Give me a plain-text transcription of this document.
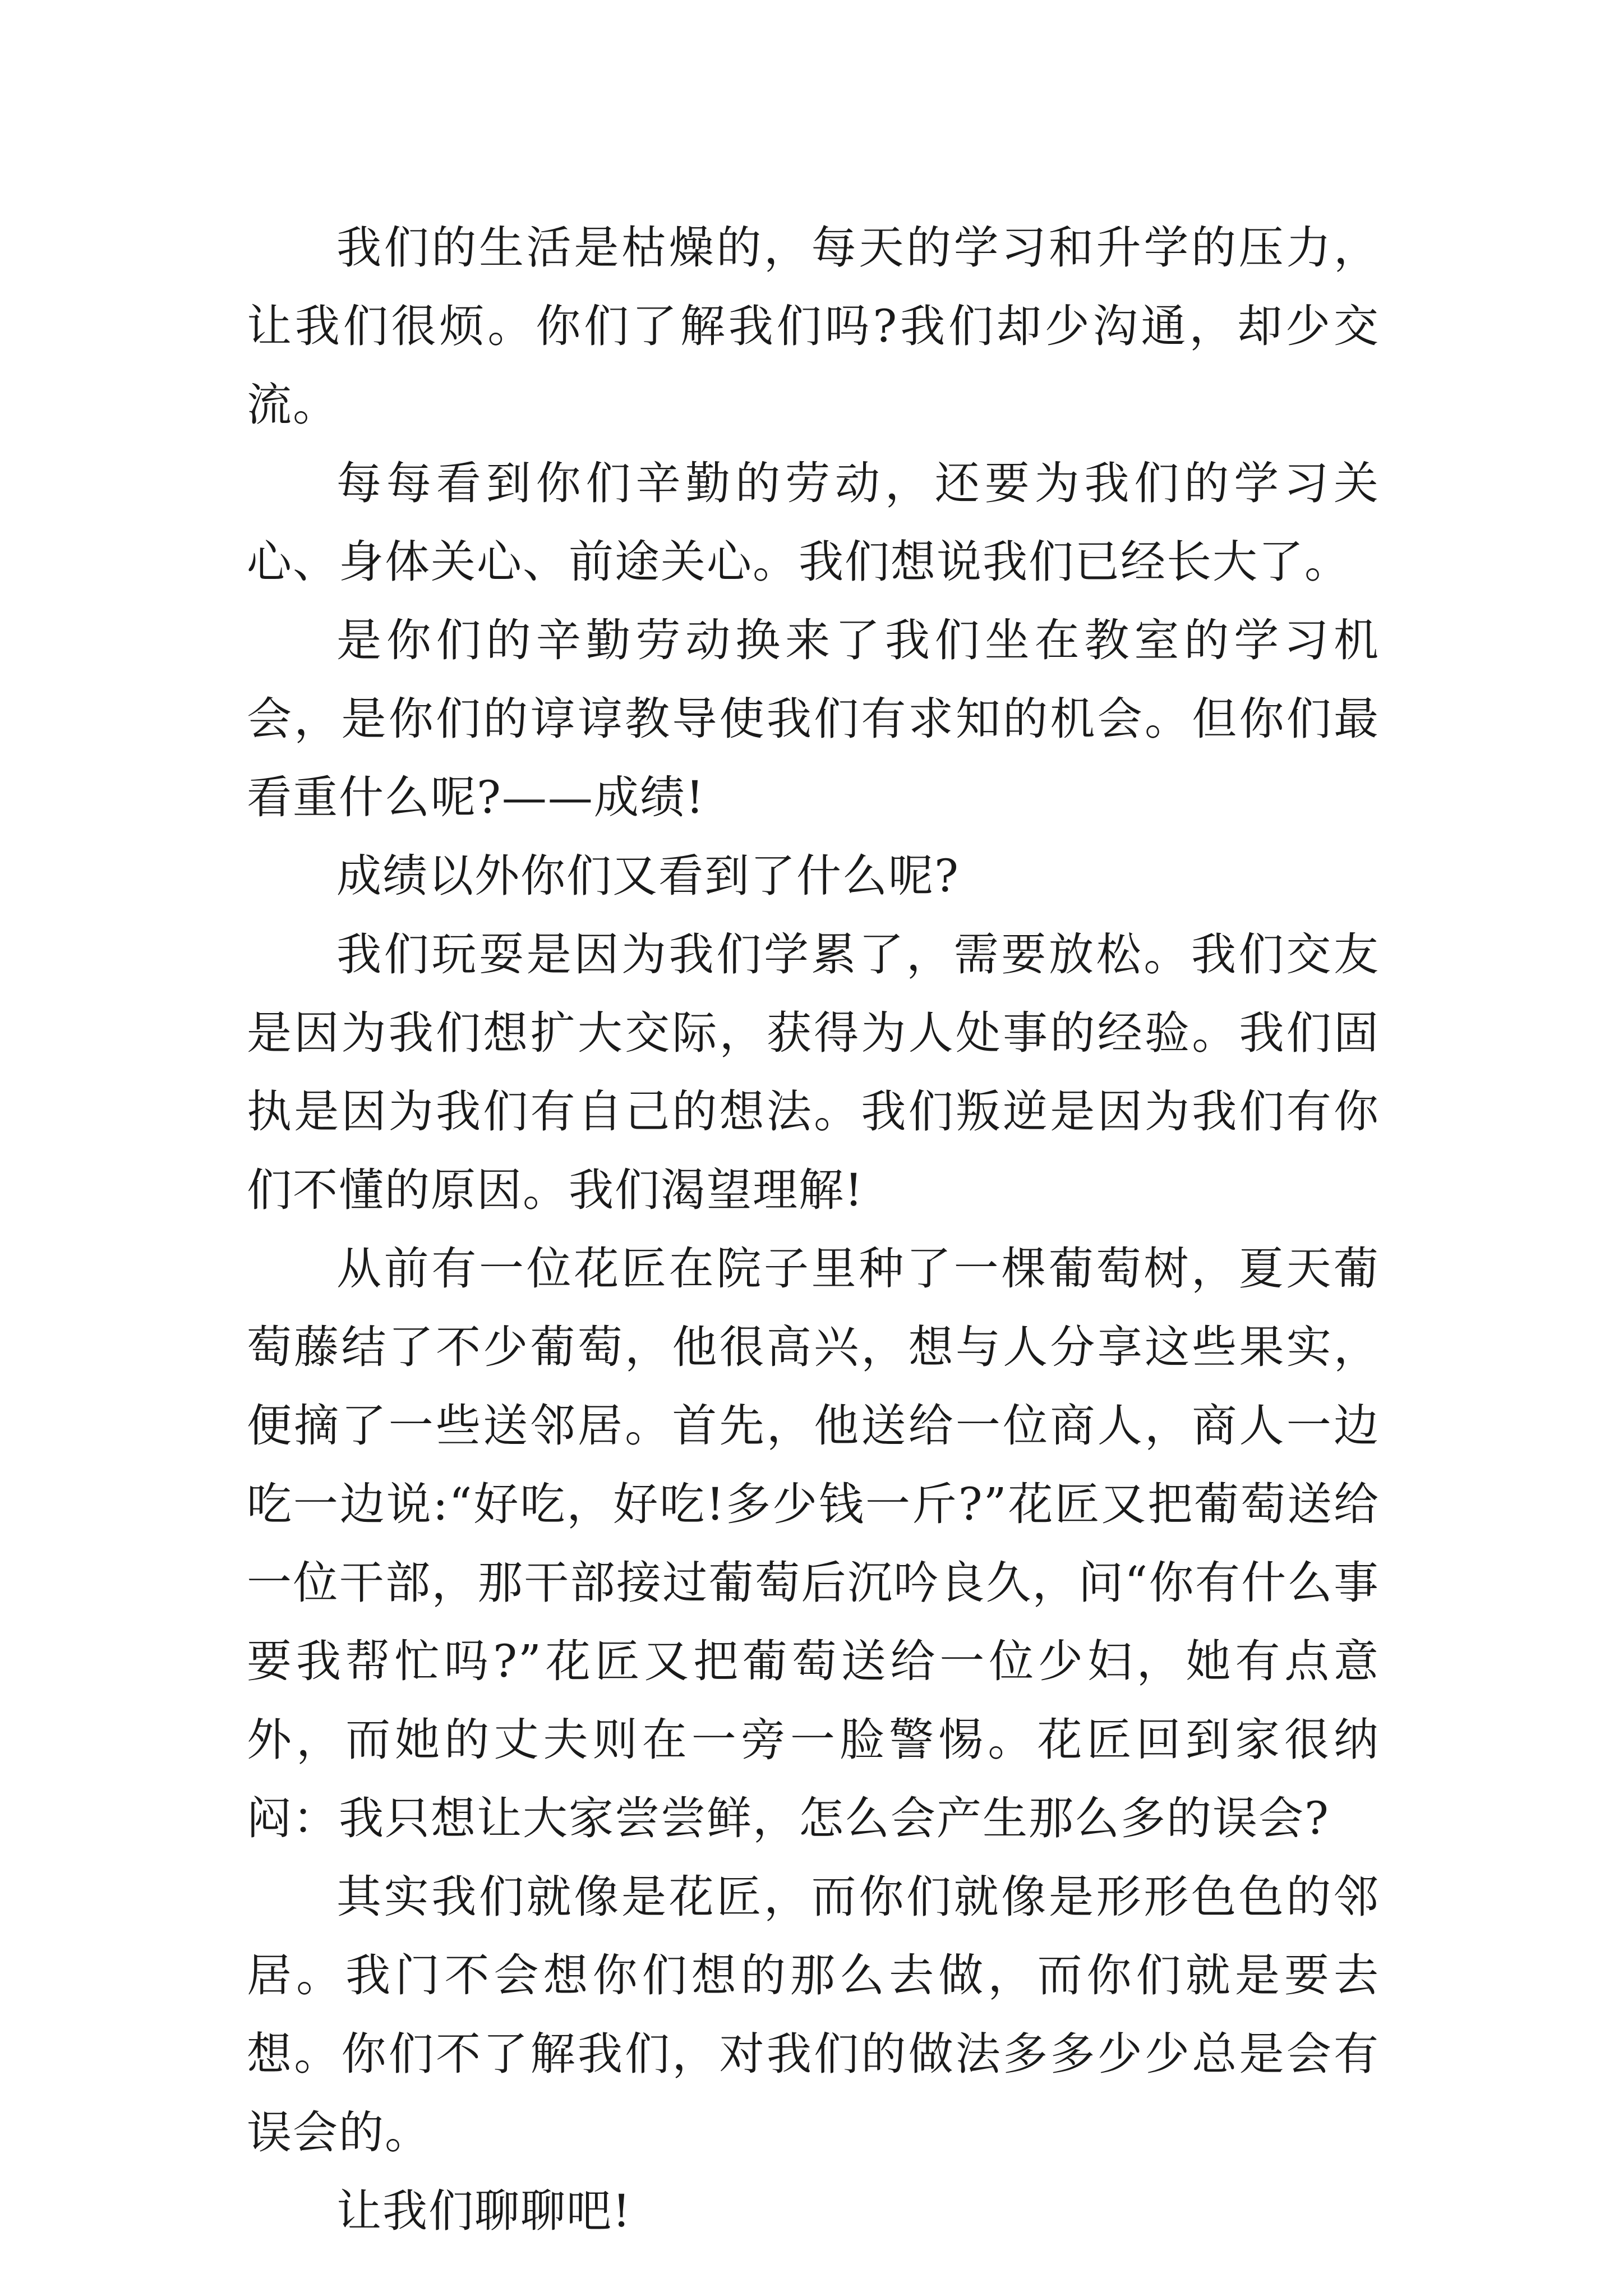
我们的生活是枯燥的，每天的学习和升学的压力，让我们很烦。你们了解我们吗?我们却少沟通，却少交流。

每每看到你们辛勤的劳动，还要为我们的学习关心、身体关心、前途关心。我们想说我们已经长大了。

是你们的辛勤劳动换来了我们坐在教室的学习机会，是你们的谆谆教导使我们有求知的机会。但你们最看重什么呢?——成绩!

成绩以外你们又看到了什么呢?

我们玩耍是因为我们学累了，需要放松。我们交友是因为我们想扩大交际，获得为人处事的经验。我们固执是因为我们有自己的想法。我们叛逆是因为我们有你们不懂的原因。我们渴望理解!

从前有一位花匠在院子里种了一棵葡萄树，夏天葡萄藤结了不少葡萄，他很高兴，想与人分享这些果实，便摘了一些送邻居。首先，他送给一位商人，商人一边吃一边说:“好吃，好吃!多少钱一斤?”花匠又把葡萄送给一位干部，那干部接过葡萄后沉吟良久，问“你有什么事要我帮忙吗?”花匠又把葡萄送给一位少妇，她有点意外，而她的丈夫则在一旁一脸警惕。花匠回到家很纳闷：我只想让大家尝尝鲜，怎么会产生那么多的误会?

其实我们就像是花匠，而你们就像是形形色色的邻居。我门不会想你们想的那么去做，而你们就是要去想。你们不了解我们，对我们的做法多多少少总是会有误会的。

让我们聊聊吧!
